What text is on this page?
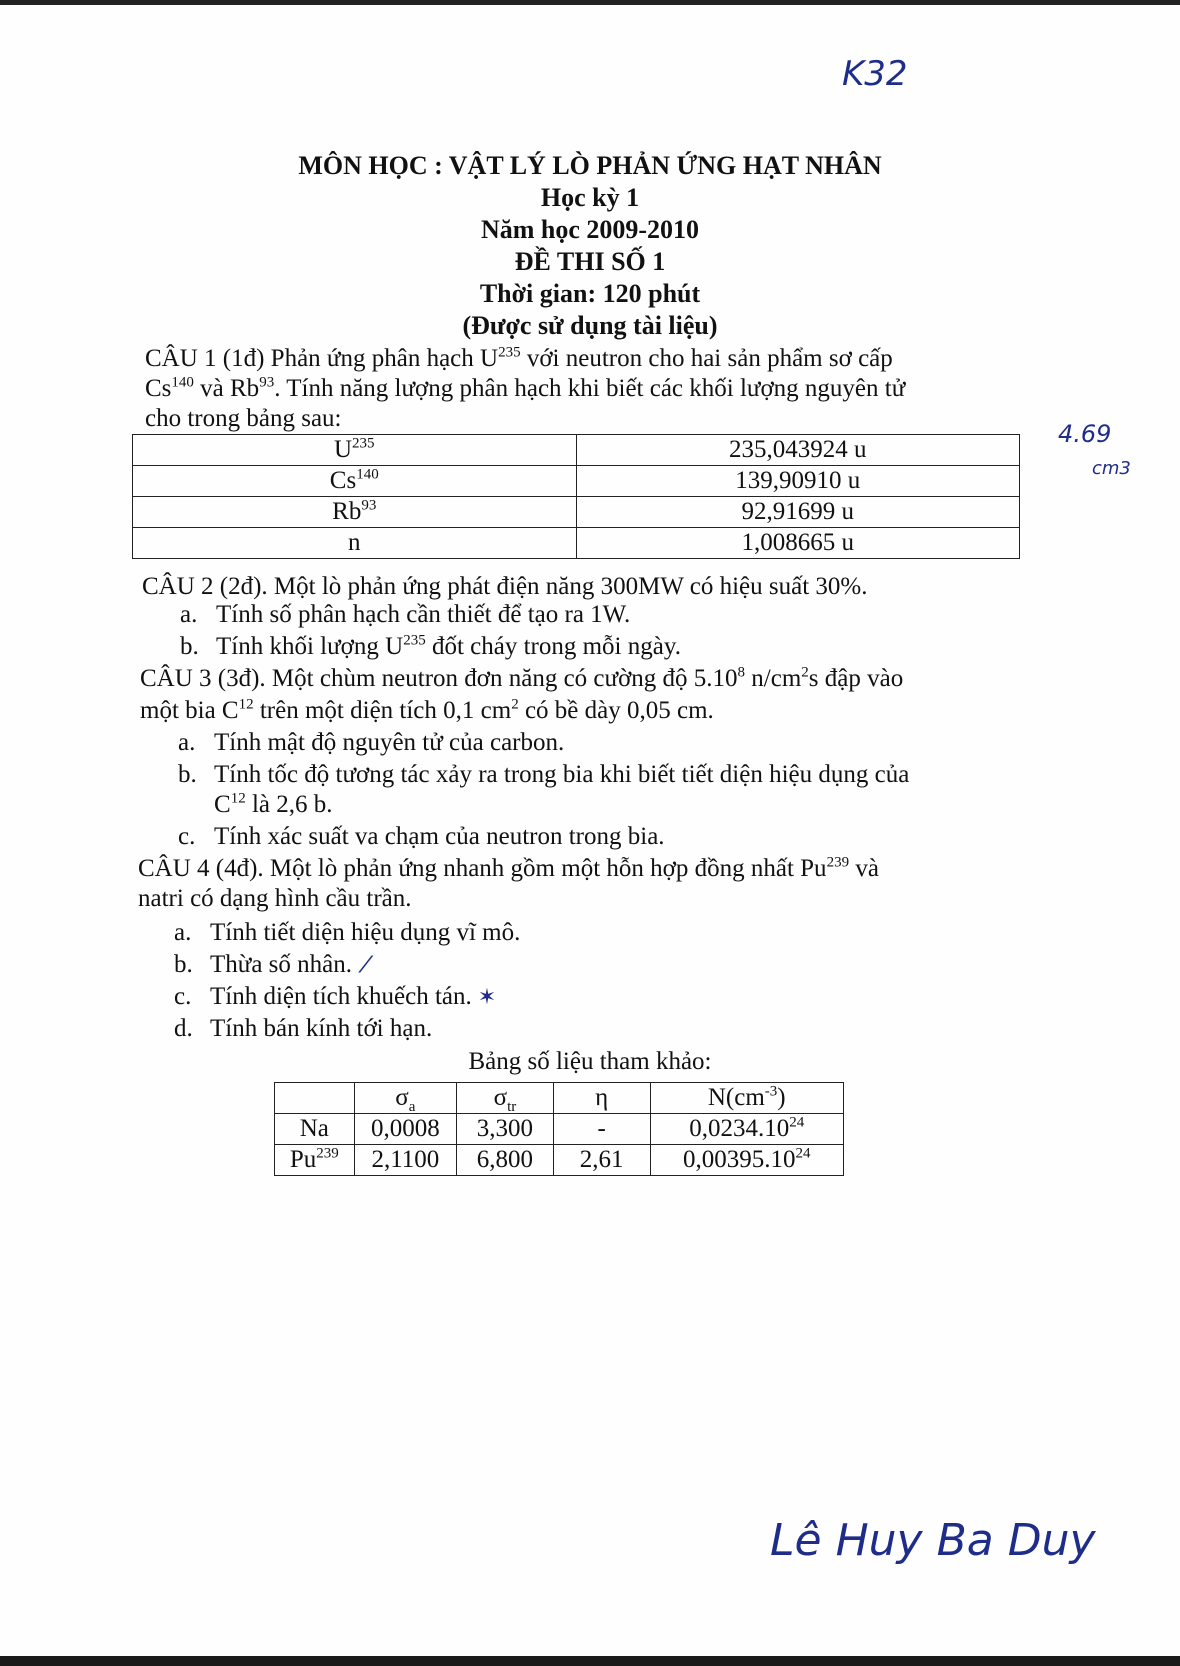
K32
4.69
cm3
MÔN HỌC : VẬT LÝ LÒ PHẢN ỨNG HẠT NHÂN
Học kỳ 1
Năm học 2009-2010
ĐỀ THI SỐ 1
Thời gian: 120 phút
(Được sử dụng tài liệu)
CÂU 1 (1đ) Phản ứng phân hạch $U^{235}$ với neutron cho hai sản phẩm sơ cấp
Cs$^{140}$ và Rb$^{93}$. Tính năng lượng phân hạch khi biết các khối lượng nguyên tử
cho trong bảng sau:
$U^{235}$	235,043924 u
Cs$^{140}$	139,90910 u
Rb$^{93}$	92,91699 u
n	1,008665 u
CÂU 2 (2đ). Một lò phản ứng phát điện năng 300MW có hiệu suất 30%.
a. Tính số phân hạch cần thiết để tạo ra 1W.
b. Tính khối lượng $U^{235}$ đốt cháy trong mỗi ngày.
CÂU 3 (3đ). Một chùm neutron đơn năng có cường độ 5.10$^8$ $n/cm^2s$ đập vào
một bia $C^{12}$ trên một diện tích 0,1 $cm^2$ có bề dày 0,05 cm.
a. Tính mật độ nguyên tử của carbon.
b. Tính tốc độ tương tác xảy ra trong bia khi biết tiết diện hiệu dụng của
$C^{12}$ là 2,6 b.
c. Tính xác suất va chạm của neutron trong bia.
CÂU 4 (4đ). Một lò phản ứng nhanh gồm một hỗn hợp đồng nhất Pu$^{239}$ và
natri có dạng hình cầu trần.
a. Tính tiết diện hiệu dụng vĩ mô.
b. Thừa số nhân. ⁄
c. Tính diện tích khuếch tán. ✶
d. Tính bán kính tới hạn.
Bảng số liệu tham khảo:
	$\sigma_a$	$\sigma_{tr}$	η	$N(cm^{-3})$
Na	0,0008	3,300	-	0,0234.10$^{24}$
Pu$^{239}$	2,1100	6,800	2,61	0,00395.10$^{24}$
Lê Huy Ba Duy
